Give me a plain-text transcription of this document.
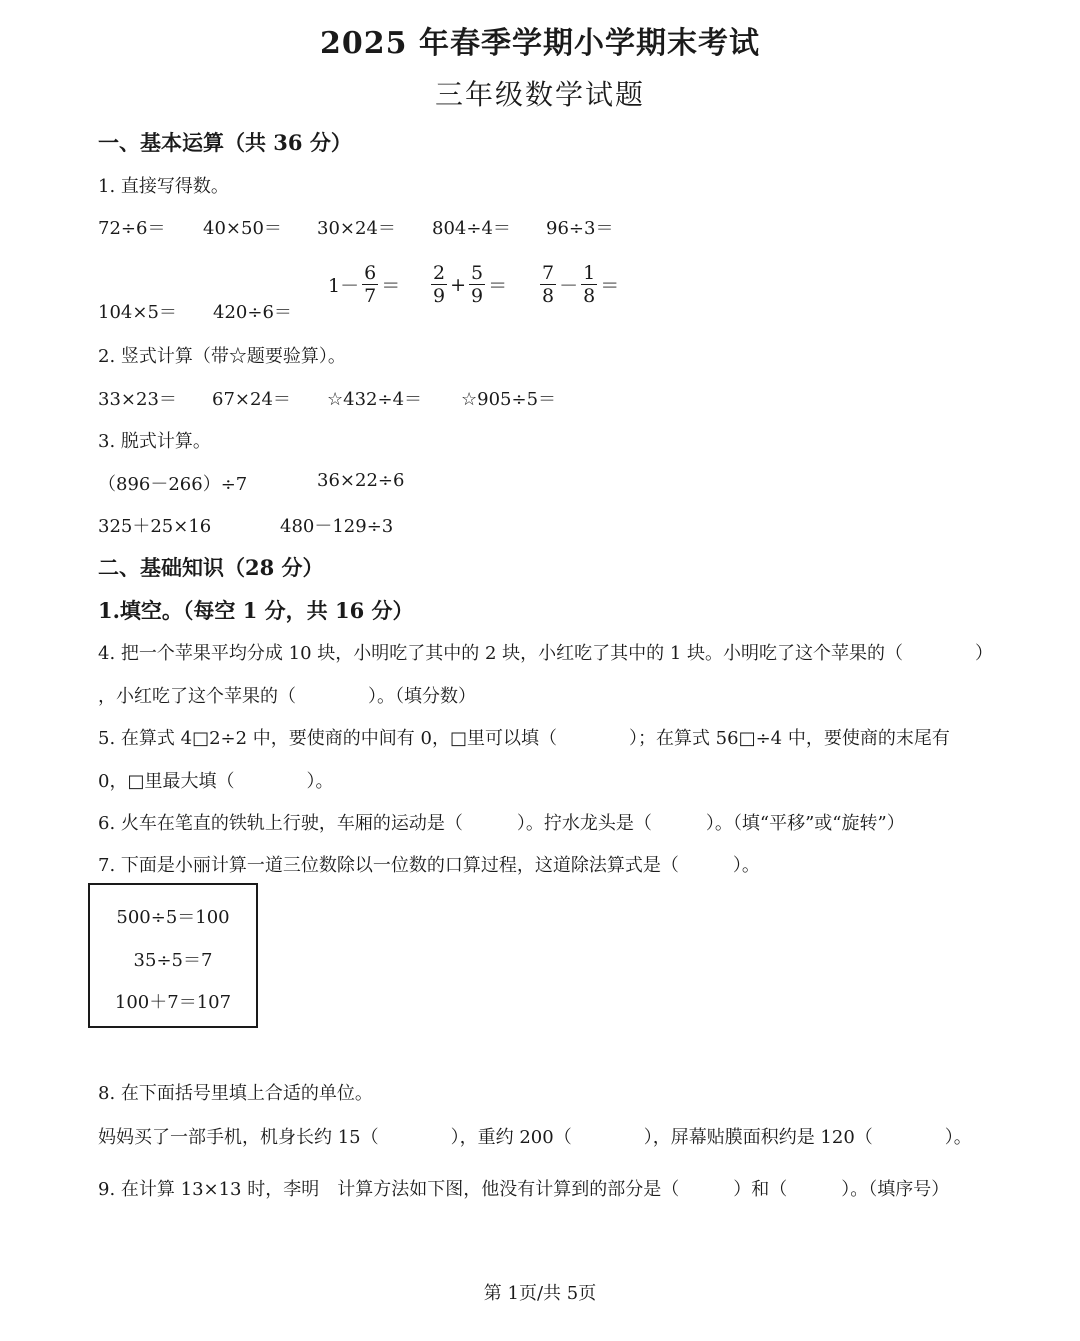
2025 年春季学期小学期末考试
三年级数学试题
一、基本运算（共 36 分）
1. 直接写得数。
72÷6＝ 40×50＝ 30×24＝ 804÷4＝ 96÷3＝
$1- \frac{6}{7} = \frac{2}{9} + \frac{5}{9} = \frac{7}{8} - \frac{1}{8}$ ＝
104×5＝ 420÷6＝
2. 竖式计算（带☆题要验算）。
33×23＝ 67×24＝ ☆432÷4＝ ☆905÷5＝
3. 脱式计算。
（896－266）÷7	36×22÷6
325＋25×16	480－129÷3
二、基础知识（28 分）
1.填空。（每空 1 分，共 16 分）
4. 把一个苹果平均分成 10 块，小明吃了其中的 2 块，小红吃了其中的 1 块。小明吃了这个苹果的（　　　　）
，小红吃了这个苹果的（　　　　）。（填分数）
5. 在算式 4□2÷2 中，要使商的中间有 0，□里可以填（　　　　）；在算式 56□÷4 中，要使商的末尾有
0，□里最大填（　　　　）。
6. 火车在笔直的铁轨上行驶，车厢的运动是（　　　）。拧水龙头是（　　　）。（填“平移”或“旋转”）
7. 下面是小丽计算一道三位数除以一位数的口算过程，这道除法算式是（　　　）。
500÷5＝100
35÷5＝7
100＋7＝107
8. 在下面括号里填上合适的单位。
妈妈买了一部手机，机身长约 15（　　　　），重约 200（　　　　），屏幕贴膜面积约是 120（　　　　）。
9. 在计算 13×13 时，李明　计算方法如下图，他没有计算到的部分是（　　　）和（　　　）。（填序号）
第 1页/共 5页
